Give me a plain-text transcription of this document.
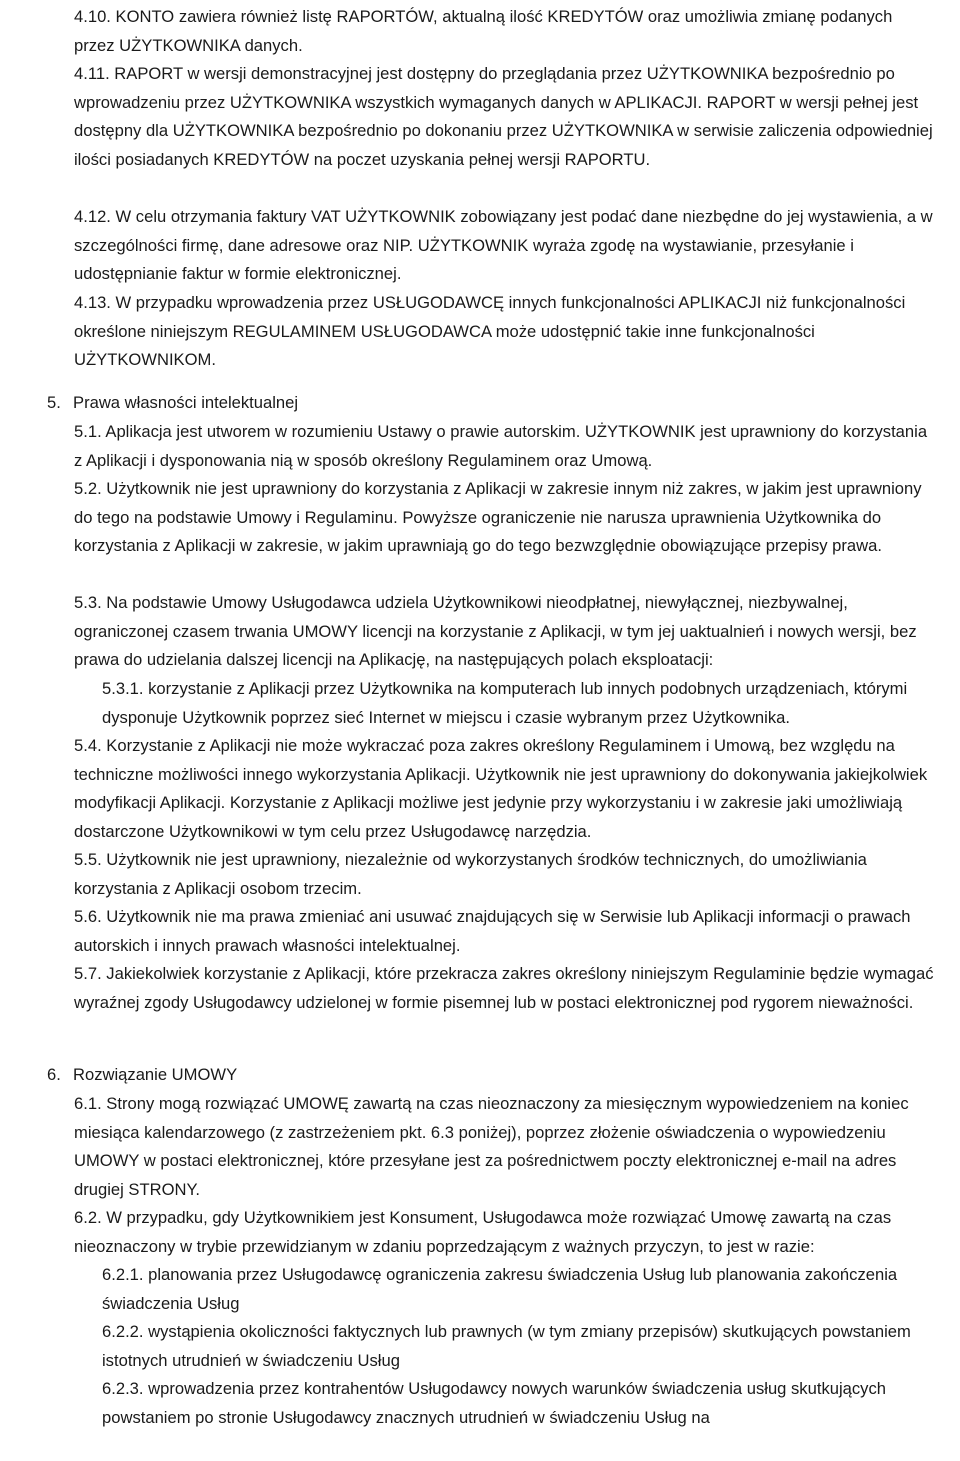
4.10. KONTO zawiera również listę RAPORTÓW, aktualną ilość KREDYTÓW oraz umożliwia zmianę podanych przez UŻYTKOWNIKA danych.

4.11. RAPORT w wersji demonstracyjnej jest dostępny do przeglądania przez UŻYTKOWNIKA bezpośrednio po wprowadzeniu przez UŻYTKOWNIKA wszystkich wymaganych danych w APLIKACJI. RAPORT w wersji pełnej jest dostępny dla UŻYTKOWNIKA bezpośrednio po dokonaniu przez UŻYTKOWNIKA w serwisie zaliczenia odpowiedniej ilości posiadanych KREDYTÓW na poczet uzyskania pełnej wersji RAPORTU.

4.12. W celu otrzymania faktury VAT UŻYTKOWNIK zobowiązany jest podać dane niezbędne do jej wystawienia, a w szczególności firmę, dane adresowe oraz NIP. UŻYTKOWNIK wyraża zgodę na wystawianie, przesyłanie i udostępnianie faktur w formie elektronicznej.

4.13. W przypadku wprowadzenia przez USŁUGODAWCĘ innych funkcjonalności APLIKACJI niż funkcjonalności określone niniejszym REGULAMINEM USŁUGODAWCA może udostępnić takie inne funkcjonalności UŻYTKOWNIKOM.

5. Prawa własności intelektualnej

5.1. Aplikacja jest utworem w rozumieniu Ustawy o prawie autorskim. UŻYTKOWNIK jest uprawniony do korzystania z Aplikacji i dysponowania nią w sposób określony Regulaminem oraz Umową.

5.2. Użytkownik nie jest uprawniony do korzystania z Aplikacji w zakresie innym niż zakres, w jakim jest uprawniony do tego na podstawie Umowy i Regulaminu. Powyższe ograniczenie nie narusza uprawnienia Użytkownika do korzystania z Aplikacji w zakresie, w jakim uprawniają go do tego bezwzględnie obowiązujące przepisy prawa.

5.3. Na podstawie Umowy Usługodawca udziela Użytkownikowi nieodpłatnej, niewyłącznej, niezbywalnej, ograniczonej czasem trwania UMOWY licencji na korzystanie z Aplikacji, w tym jej uaktualnień i nowych wersji, bez prawa do udzielania dalszej licencji na Aplikację, na następujących polach eksploatacji:

5.3.1. korzystanie z Aplikacji przez Użytkownika na komputerach lub innych podobnych urządzeniach, którymi dysponuje Użytkownik poprzez sieć Internet w miejscu i czasie wybranym przez Użytkownika.

5.4. Korzystanie z Aplikacji nie może wykraczać poza zakres określony Regulaminem i Umową, bez względu na techniczne możliwości innego wykorzystania Aplikacji. Użytkownik nie jest uprawniony do dokonywania jakiejkolwiek modyfikacji Aplikacji. Korzystanie z Aplikacji możliwe jest jedynie przy wykorzystaniu i w zakresie jaki umożliwiają dostarczone Użytkownikowi w tym celu przez Usługodawcę narzędzia.

5.5. Użytkownik nie jest uprawniony, niezależnie od wykorzystanych środków technicznych, do umożliwiania korzystania z Aplikacji osobom trzecim.

5.6. Użytkownik nie ma prawa zmieniać ani usuwać znajdujących się w Serwisie lub Aplikacji informacji o prawach autorskich i innych prawach własności intelektualnej.

5.7. Jakiekolwiek korzystanie z Aplikacji, które przekracza zakres określony niniejszym Regulaminie będzie wymagać wyraźnej zgody Usługodawcy udzielonej w formie pisemnej lub w postaci elektronicznej pod rygorem nieważności.

6. Rozwiązanie UMOWY

6.1. Strony mogą rozwiązać UMOWĘ zawartą na czas nieoznaczony za miesięcznym wypowiedzeniem na koniec miesiąca kalendarzowego (z zastrzeżeniem pkt. 6.3 poniżej), poprzez złożenie oświadczenia o wypowiedzeniu UMOWY w postaci elektronicznej, które przesyłane jest za pośrednictwem poczty elektronicznej e-mail na adres drugiej STRONY.

6.2. W przypadku, gdy Użytkownikiem jest Konsument, Usługodawca może rozwiązać Umowę zawartą na czas nieoznaczony w trybie przewidzianym w zdaniu poprzedzającym z ważnych przyczyn, to jest w razie:

6.2.1. planowania przez Usługodawcę ograniczenia zakresu świadczenia Usług lub planowania zakończenia świadczenia Usług

6.2.2. wystąpienia okoliczności faktycznych lub prawnych (w tym zmiany przepisów) skutkujących powstaniem istotnych utrudnień w świadczeniu Usług

6.2.3. wprowadzenia przez kontrahentów Usługodawcy nowych warunków świadczenia usług skutkujących powstaniem po stronie Usługodawcy znacznych utrudnień w świadczeniu Usług na
